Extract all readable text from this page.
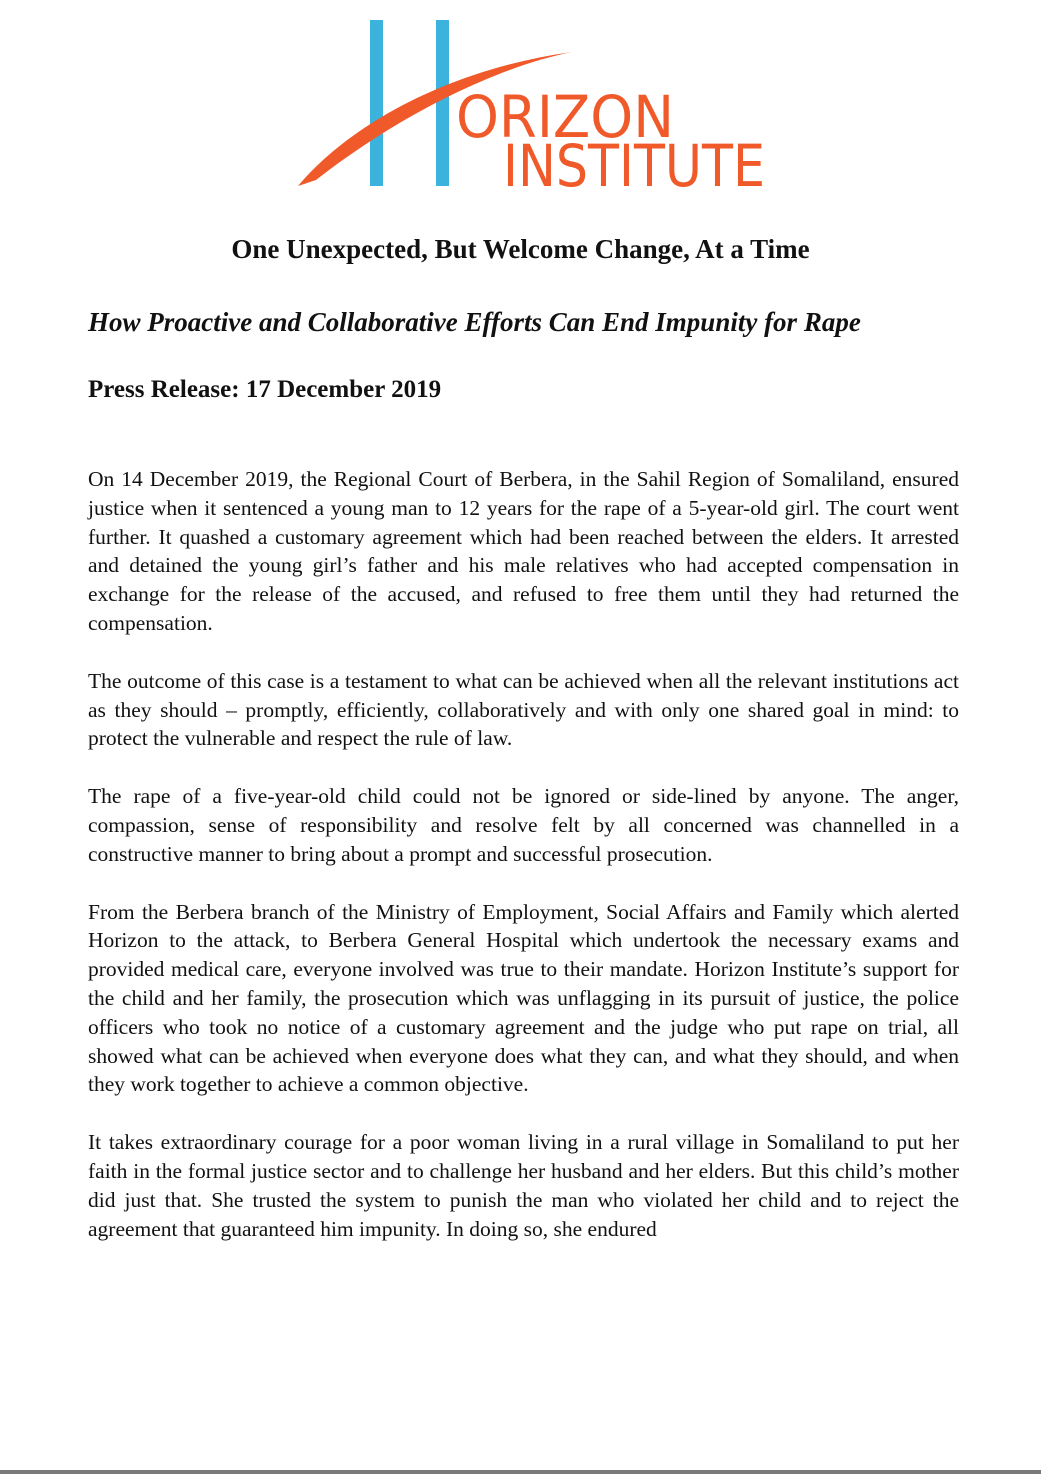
ORIZON
INSTITUTE
One Unexpected, But Welcome Change, At a Time
How Proactive and Collaborative Efforts Can End Impunity for Rape
Press Release: 17 December 2019

On 14 December 2019, the Regional Court of Berbera, in the Sahil Region of Somaliland, ensured justice when it sentenced a young man to 12 years for the rape of a 5-year-old girl. The court went further. It quashed a customary agreement which had been reached between the elders. It arrested and detained the young girl’s father and his male relatives who had accepted compensation in exchange for the release of the accused, and refused to free them until they had returned the compensation.

The outcome of this case is a testament to what can be achieved when all the relevant institutions act as they should – promptly, efficiently, collaboratively and with only one shared goal in mind: to protect the vulnerable and respect the rule of law.

The rape of a five-year-old child could not be ignored or side-lined by anyone. The anger, compassion, sense of responsibility and resolve felt by all concerned was channelled in a constructive manner to bring about a prompt and successful prosecution.

From the Berbera branch of the Ministry of Employment, Social Affairs and Family which alerted Horizon to the attack, to Berbera General Hospital which undertook the necessary exams and provided medical care, everyone involved was true to their mandate. Horizon Institute’s support for the child and her family, the prosecution which was unflagging in its pursuit of justice, the police officers who took no notice of a customary agreement and the judge who put rape on trial, all showed what can be achieved when everyone does what they can, and what they should, and when they work together to achieve a common objective.

It takes extraordinary courage for a poor woman living in a rural village in Somaliland to put her faith in the formal justice sector and to challenge her husband and her elders. But this child’s mother did just that. She trusted the system to punish the man who violated her child and to reject the agreement that guaranteed him impunity. In doing so, she endured
